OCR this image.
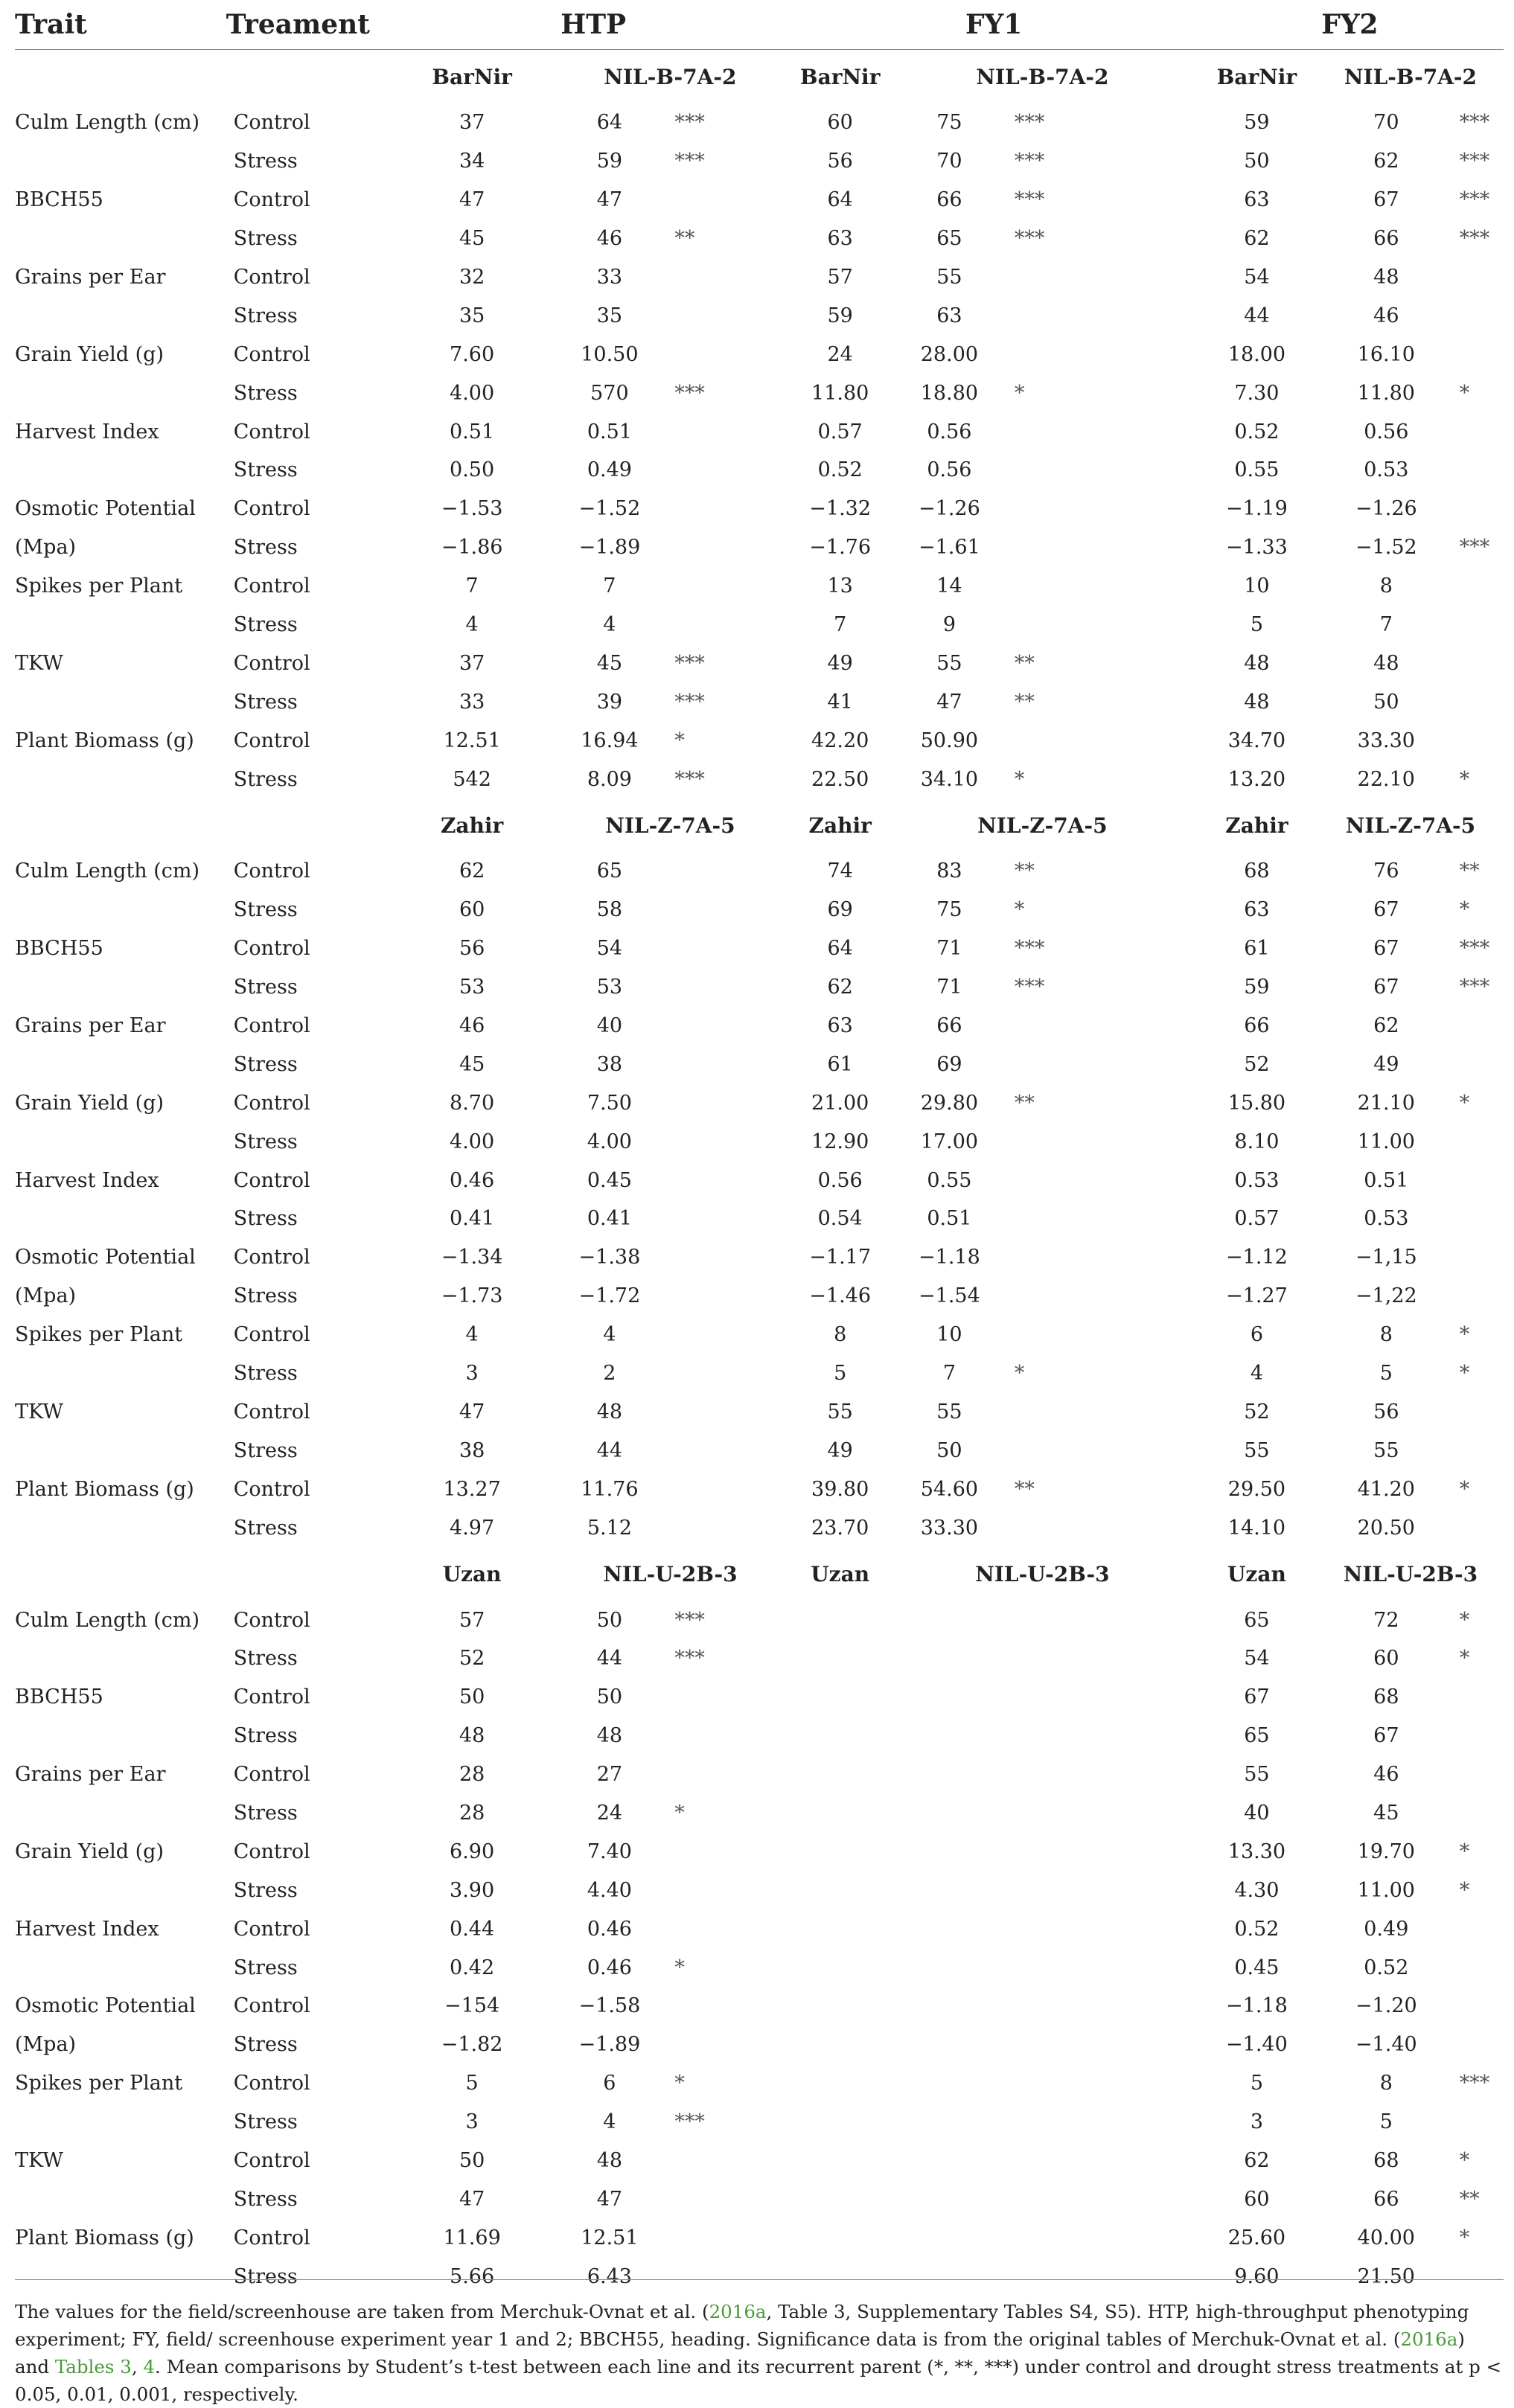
Trait	Treament	HTP			FY1			FY2		
		BarNir	NIL-B-7A-2		BarNir	NIL-B-7A-2		BarNir	NIL-B-7A-2	
Culm Length (cm)	Control	37	64	***	60	75	***	59	70	***
	Stress	34	59	***	56	70	***	50	62	***
BBCH55	Control	47	47		64	66	***	63	67	***
	Stress	45	46	**	63	65	***	62	66	***
Grains per Ear	Control	32	33		57	55		54	48	
	Stress	35	35		59	63		44	46	
Grain Yield (g)	Control	7.60	10.50		24	28.00		18.00	16.10	
	Stress	4.00	570	***	11.80	18.80	*	7.30	11.80	*
Harvest Index	Control	0.51	0.51		0.57	0.56		0.52	0.56	
	Stress	0.50	0.49		0.52	0.56		0.55	0.53	
Osmotic Potential	Control	−1.53	−1.52		−1.32	−1.26		−1.19	−1.26	
(Mpa)	Stress	−1.86	−1.89		−1.76	−1.61		−1.33	−1.52	***
Spikes per Plant	Control	7	7		13	14		10	8	
	Stress	4	4		7	9		5	7	
TKW	Control	37	45	***	49	55	**	48	48	
	Stress	33	39	***	41	47	**	48	50	
Plant Biomass (g)	Control	12.51	16.94	*	42.20	50.90		34.70	33.30	
	Stress	542	8.09	***	22.50	34.10	*	13.20	22.10	*
		Zahir	NIL-Z-7A-5		Zahir	NIL-Z-7A-5		Zahir	NIL-Z-7A-5	
Culm Length (cm)	Control	62	65		74	83	**	68	76	**
	Stress	60	58		69	75	*	63	67	*
BBCH55	Control	56	54		64	71	***	61	67	***
	Stress	53	53		62	71	***	59	67	***
Grains per Ear	Control	46	40		63	66		66	62	
	Stress	45	38		61	69		52	49	
Grain Yield (g)	Control	8.70	7.50		21.00	29.80	**	15.80	21.10	*
	Stress	4.00	4.00		12.90	17.00		8.10	11.00	
Harvest Index	Control	0.46	0.45		0.56	0.55		0.53	0.51	
	Stress	0.41	0.41		0.54	0.51		0.57	0.53	
Osmotic Potential	Control	−1.34	−1.38		−1.17	−1.18		−1.12	−1,15	
(Mpa)	Stress	−1.73	−1.72		−1.46	−1.54		−1.27	−1,22	
Spikes per Plant	Control	4	4		8	10		6	8	*
	Stress	3	2		5	7	*	4	5	*
TKW	Control	47	48		55	55		52	56	
	Stress	38	44		49	50		55	55	
Plant Biomass (g)	Control	13.27	11.76		39.80	54.60	**	29.50	41.20	*
	Stress	4.97	5.12		23.70	33.30		14.10	20.50	
		Uzan	NIL-U-2B-3		Uzan	NIL-U-2B-3		Uzan	NIL-U-2B-3	
Culm Length (cm)	Control	57	50	***				65	72	*
	Stress	52	44	***				54	60	*
BBCH55	Control	50	50					67	68	
	Stress	48	48					65	67	
Grains per Ear	Control	28	27					55	46	
	Stress	28	24	*				40	45	
Grain Yield (g)	Control	6.90	7.40					13.30	19.70	*
	Stress	3.90	4.40					4.30	11.00	*
Harvest Index	Control	0.44	0.46					0.52	0.49	
	Stress	0.42	0.46	*				0.45	0.52	
Osmotic Potential	Control	−154	−1.58					−1.18	−1.20	
(Mpa)	Stress	−1.82	−1.89					−1.40	−1.40	
Spikes per Plant	Control	5	6	*				5	8	***
	Stress	3	4	***				3	5	
TKW	Control	50	48					62	68	*
	Stress	47	47					60	66	**
Plant Biomass (g)	Control	11.69	12.51					25.60	40.00	*
	Stress	5.66	6.43					9.60	21.50	
The values for the field/screenhouse are taken from Merchuk-Ovnat et al. (2016a, Table 3, Supplementary Tables S4, S5). HTP, high-throughput phenotyping experiment; FY, field/ screenhouse experiment year 1 and 2; BBCH55, heading. Significance data is from the original tables of Merchuk-Ovnat et al. (2016a) and Tables 3, 4. Mean comparisons by Student’s t-test between each line and its recurrent parent (*, **, ***) under control and drought stress treatments at p < 0.05, 0.01, 0.001, respectively.
